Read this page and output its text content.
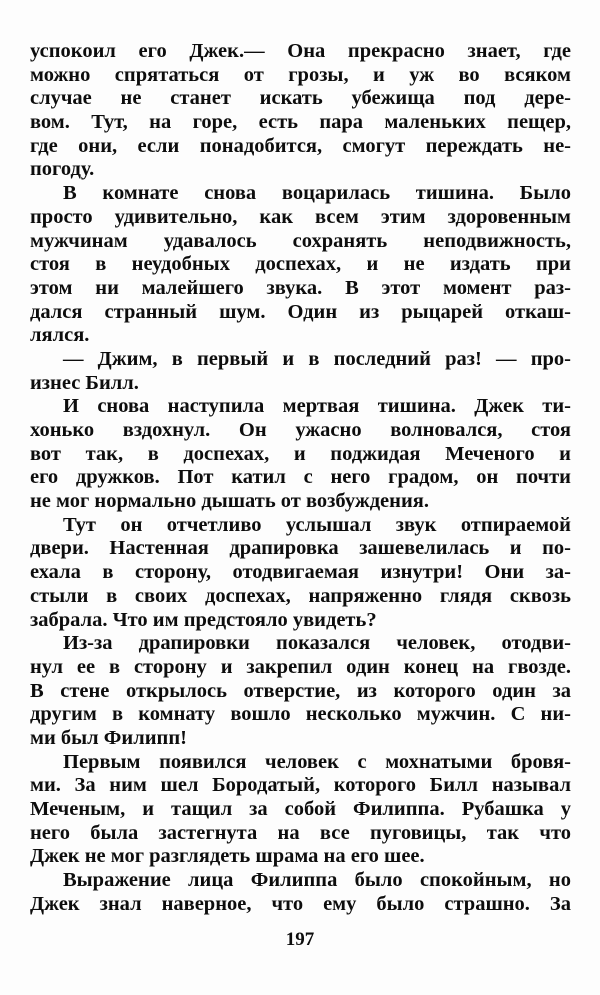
успокоил его Джек.— Она прекрасно знает, где
можно спрятаться от грозы, и уж во всяком
случае не станет искать убежища под дере-
вом. Тут, на горе, есть пара маленьких пещер,
где они, если понадобится, смогут переждать не-
погоду.
В комнате снова воцарилась тишина. Было
просто удивительно, как всем этим здоровенным
мужчинам удавалось сохранять неподвижность,
стоя в неудобных доспехах, и не издать при
этом ни малейшего звука. В этот момент раз-
дался странный шум. Один из рыцарей откаш-
лялся.
— Джим, в первый и в последний раз! — про-
изнес Билл.
И снова наступила мертвая тишина. Джек ти-
хонько вздохнул. Он ужасно волновался, стоя
вот так, в доспехах, и поджидая Меченого и
его дружков. Пот катил с него градом, он почти
не мог нормально дышать от возбуждения.
Тут он отчетливо услышал звук отпираемой
двери. Настенная драпировка зашевелилась и по-
ехала в сторону, отодвигаемая изнутри! Они за-
стыли в своих доспехах, напряженно глядя сквозь
забрала. Что им предстояло увидеть?
Из-за драпировки показался человек, отодви-
нул ее в сторону и закрепил один конец на гвозде.
В стене открылось отверстие, из которого один за
другим в комнату вошло несколько мужчин. С ни-
ми был Филипп!
Первым появился человек с мохнатыми бровя-
ми. За ним шел Бородатый, которого Билл называл
Меченым, и тащил за собой Филиппа. Рубашка у
него была застегнута на все пуговицы, так что
Джек не мог разглядеть шрама на его шее.
Выражение лица Филиппа было спокойным, но
Джек знал наверное, что ему было страшно. За
197
